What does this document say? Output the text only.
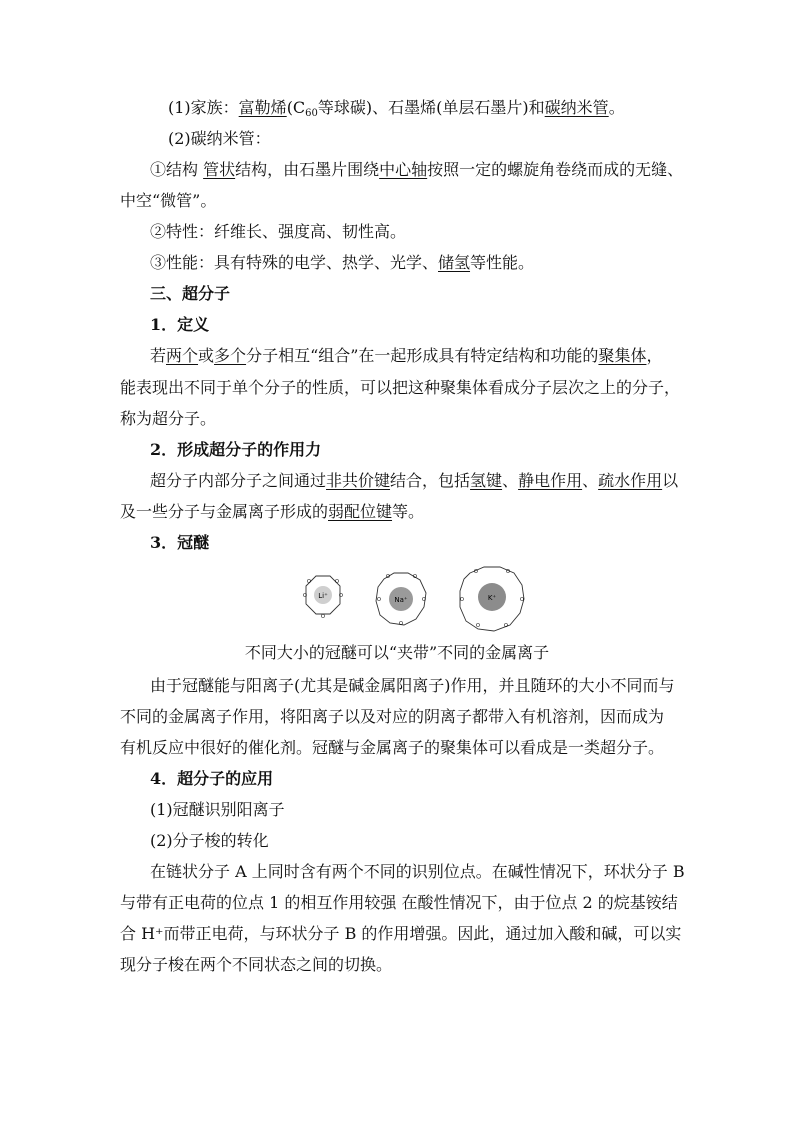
(1)家族：富勒烯($C_{60}$等球碳)、石墨烯(单层石墨片)和碳纳米管。
(2)碳纳米管：
①结构 管状结构，由石墨片围绕中心轴按照一定的螺旋角卷绕而成的无缝、
中空“微管”。
②特性：纤维长、强度高、韧性高。
③性能：具有特殊的电学、热学、光学、储氢等性能。
三、超分子
1．定义
若两个或多个分子相互“组合”在一起形成具有特定结构和功能的聚集体，
能表现出不同于单个分子的性质，可以把这种聚集体看成分子层次之上的分子，
称为超分子。
2．形成超分子的作用力
超分子内部分子之间通过非共价键结合，包括氢键、静电作用、疏水作用以
及一些分子与金属离子形成的弱配位键等。
3．冠醚
Li⁺
O	O
O	O
O
Na⁺
O	O
O	O
O
K⁺
O	O
O	O
O	O
不同大小的冠醚可以“夹带”不同的金属离子
由于冠醚能与阳离子(尤其是碱金属阳离子)作用，并且随环的大小不同而与
不同的金属离子作用，将阳离子以及对应的阴离子都带入有机溶剂，因而成为
有机反应中很好的催化剂。冠醚与金属离子的聚集体可以看成是一类超分子。
4．超分子的应用
(1)冠醚识别阳离子
(2)分子梭的转化
在链状分子 A 上同时含有两个不同的识别位点。在碱性情况下，环状分子 B
与带有正电荷的位点 1 的相互作用较强 在酸性情况下，由于位点 2 的烷基铵结
合 H⁺而带正电荷，与环状分子 B 的作用增强。因此，通过加入酸和碱，可以实
现分子梭在两个不同状态之间的切换。
